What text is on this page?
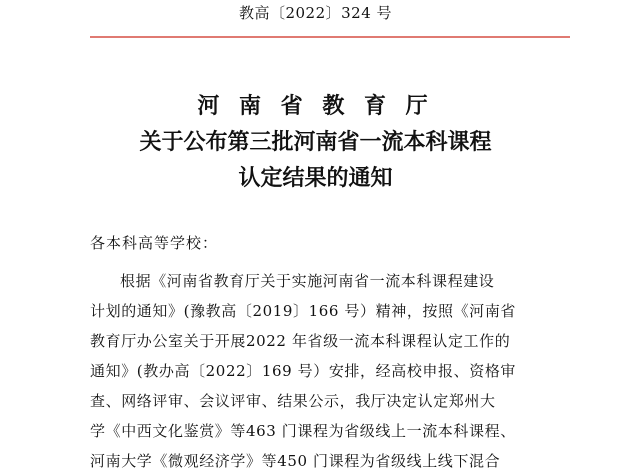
教高〔2022〕324 号
河 南 省 教 育 厅
关于公布第三批河南省一流本科课程
认定结果的通知
各本科高等学校：
根据《河南省教育厅关于实施河南省一流本科课程建设
计划的通知》(豫教高〔2019〕166 号）精神，按照《河南省
教育厅办公室关于开展2022 年省级一流本科课程认定工作的
通知》(教办高〔2022〕169 号）安排，经高校申报、资格审
查、网络评审、会议评审、结果公示，我厅决定认定郑州大
学《中西文化鉴赏》等463 门课程为省级线上一流本科课程、
河南大学《微观经济学》等450 门课程为省级线上线下混合
